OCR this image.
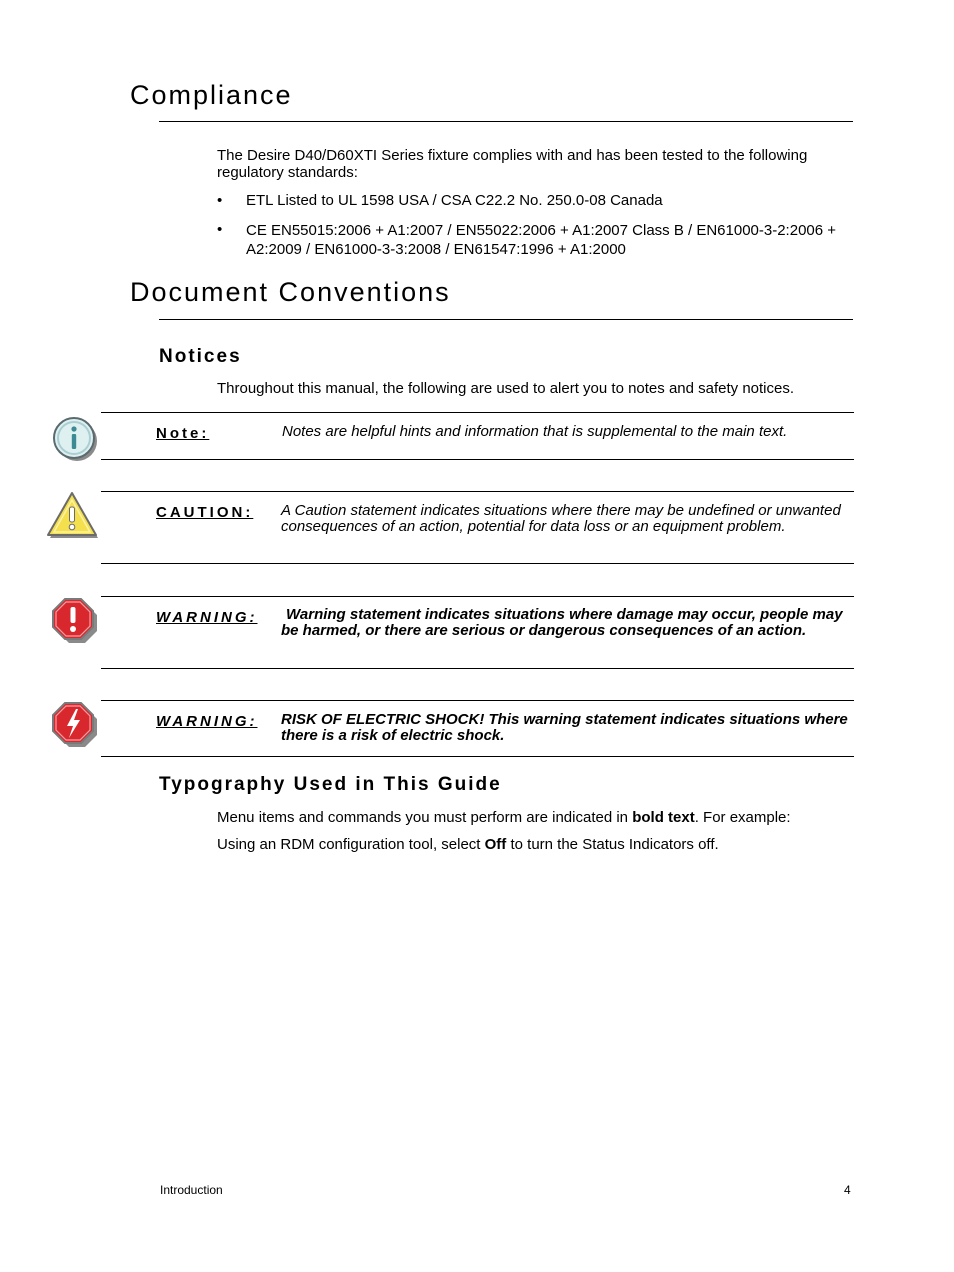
Compliance
The Desire D40/D60XTI Series fixture complies with and has been tested to the following regulatory standards:
• ETL Listed to UL 1598 USA / CSA C22.2 No. 250.0-08 Canada
• CE EN55015:2006 + A1:2007 / EN55022:2006 + A1:2007 Class B / EN61000-3-2:2006 + A2:2009 / EN61000-3-3:2008 / EN61547:1996 + A1:2000
Document Conventions
Notices
Throughout this manual, the following are used to alert you to notes and safety notices.
Note:	Notes are helpful hints and information that is supplemental to the main text.
CAUTION: A Caution statement indicates situations where there may be undefined or unwanted consequences of an action, potential for data loss or an equipment problem.
WARNING:	Warning statement indicates situations where damage may occur, people may be harmed, or there are serious or dangerous consequences of an action.
WARNING: RISK OF ELECTRIC SHOCK! This warning statement indicates situations where there is a risk of electric shock.
Typography Used in This Guide
Menu items and commands you must perform are indicated in bold text. For example:
Using an RDM configuration tool, select Off to turn the Status Indicators off.
Introduction	4
